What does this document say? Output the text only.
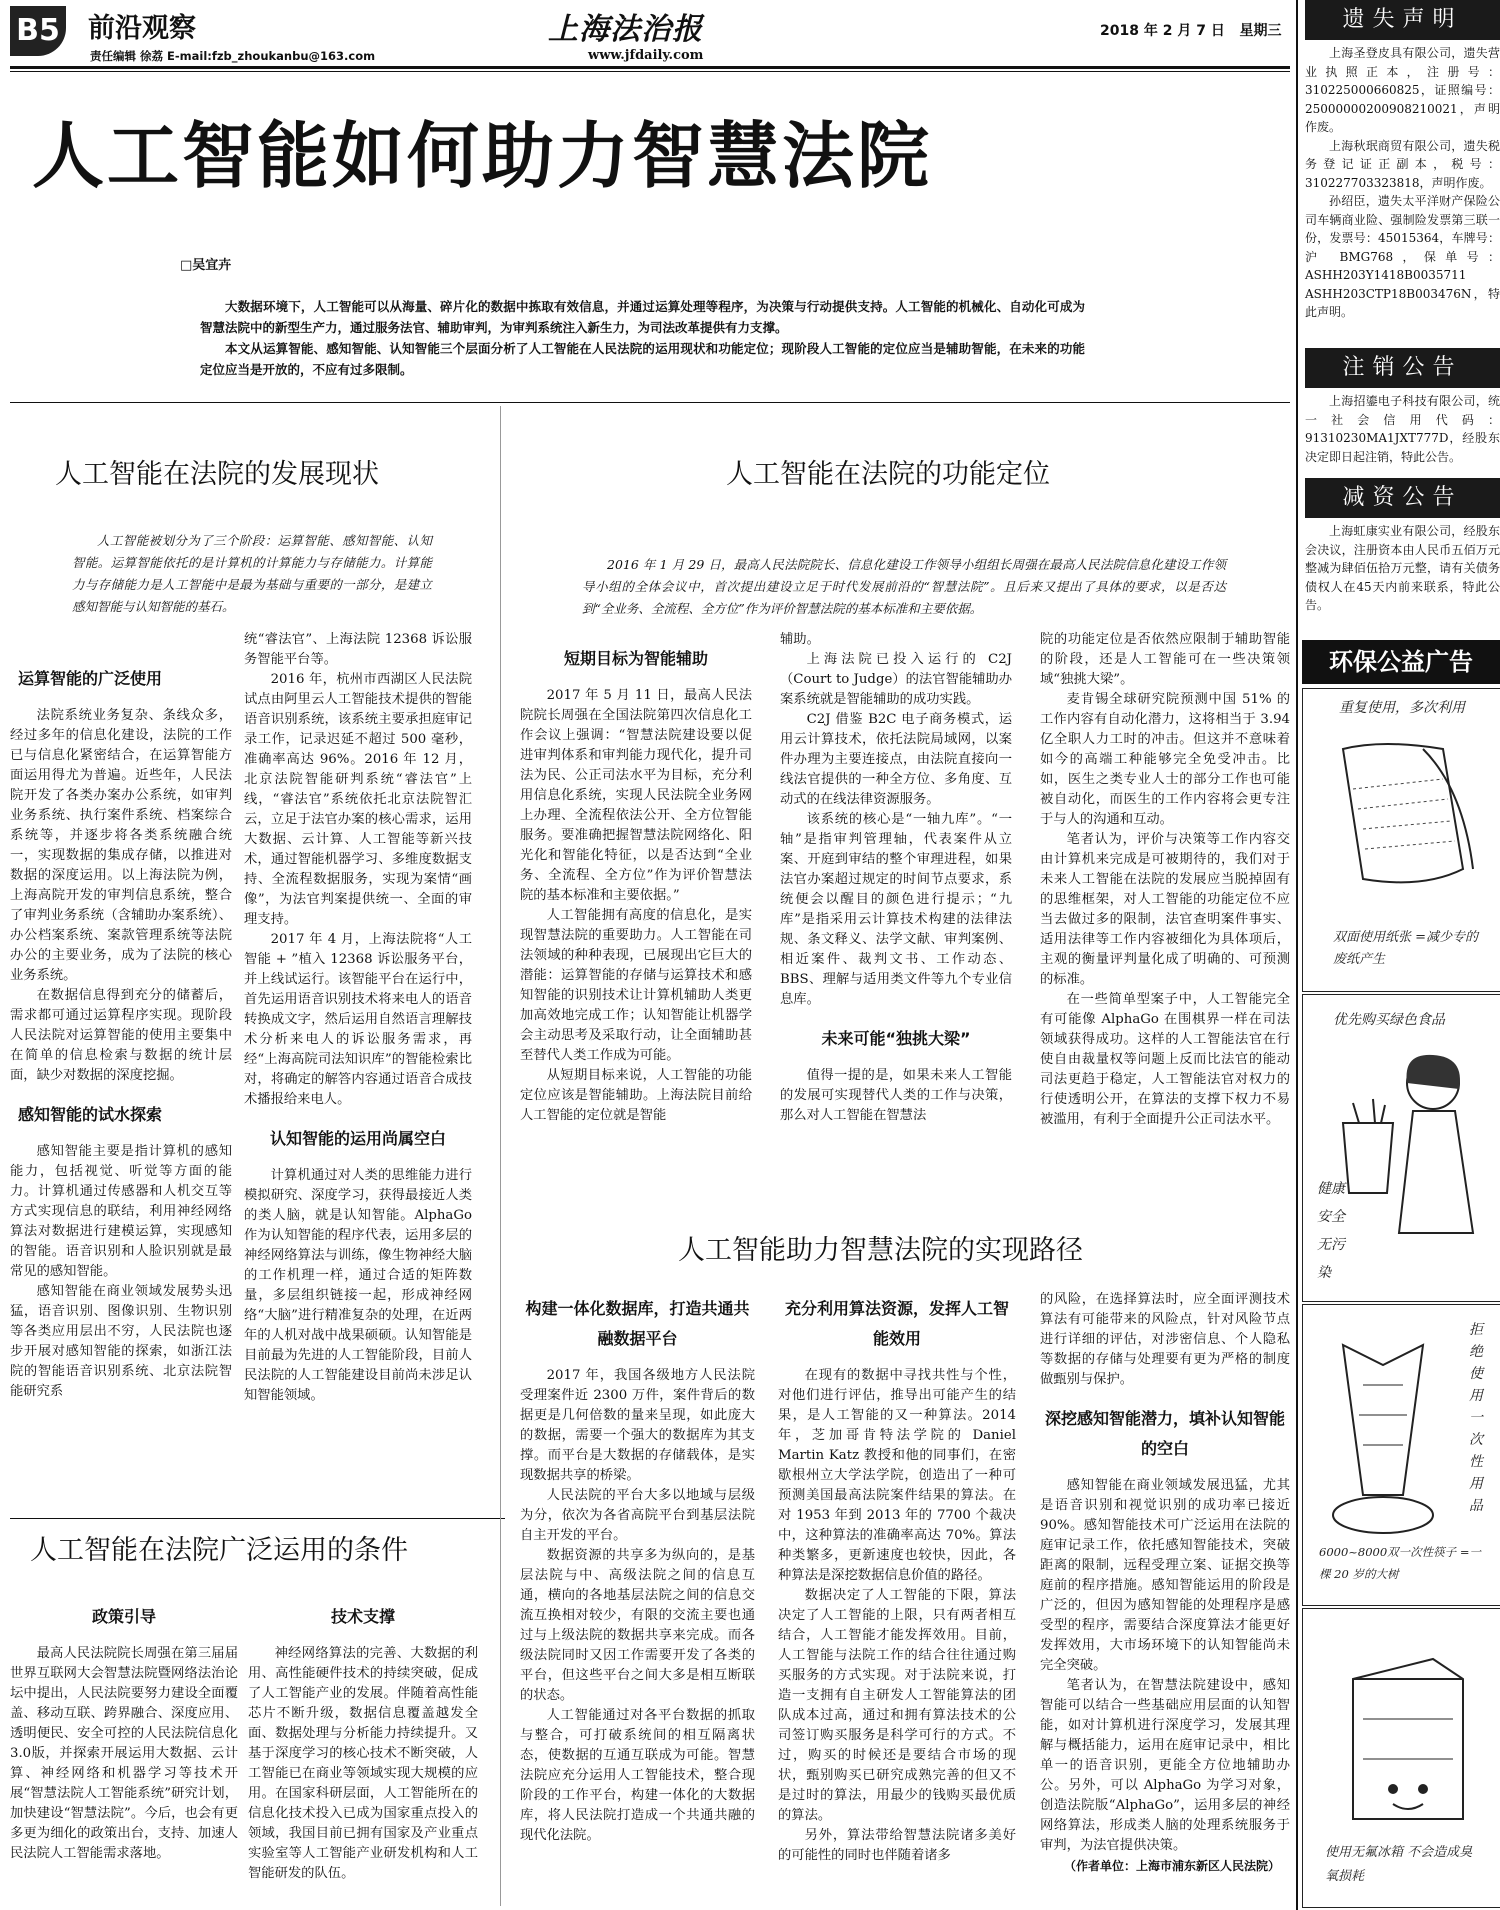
B5 前沿观察
责任编辑 徐荔 E-mail:fzb_zhoukanbu@163.com
上海法治报
www.jfdaily.com
2018 年 2 月 7 日   星期三
人工智能如何助力智慧法院
□吴宜卉
大数据环境下，人工智能可以从海量、碎片化的数据中拣取有效信息，并通过运算处理等程序，为决策与行动提供支持。人工智能的机械化、自动化可成为智慧法院中的新型生产力，通过服务法官、辅助审判，为审判系统注入新生力，为司法改革提供有力支撑。
本文从运算智能、感知智能、认知智能三个层面分析了人工智能在人民法院的运用现状和功能定位；现阶段人工智能的定位应当是辅助智能，在未来的功能定位应当是开放的，不应有过多限制。
人工智能在法院的发展现状

人工智能被划分为了三个阶段：运算智能、感知智能、认知智能。运算智能依托的是计算机的计算能力与存储能力。计算能力与存储能力是人工智能中是最为基础与重要的一部分，是建立感知智能与认知智能的基石。

运算智能的广泛使用

法院系统业务复杂、条线众多，经过多年的信息化建设，法院的工作已与信息化紧密结合，在运算智能方面运用得尤为普遍。近些年，人民法院开发了各类办案办公系统，如审判业务系统、执行案件系统、档案综合系统等，并逐步将各类系统融合统一，实现数据的集成存储，以推进对数据的深度运用。以上海法院为例，上海高院开发的审判信息系统，整合了审判业务系统（含辅助办案系统）、办公档案系统、案款管理系统等法院办公的主要业务，成为了法院的核心业务系统。

在数据信息得到充分的储蓄后，需求都可通过运算程序实现。现阶段人民法院对运算智能的使用主要集中在简单的信息检索与数据的统计层面，缺少对数据的深度挖掘。

感知智能的试水探索

感知智能主要是指计算机的感知能力，包括视觉、听觉等方面的能力。计算机通过传感器和人机交互等方式实现信息的联结，利用神经网络算法对数据进行建模运算，实现感知的智能。语音识别和人脸识别就是最常见的感知智能。

感知智能在商业领域发展势头迅猛，语音识别、图像识别、生物识别等各类应用层出不穷，人民法院也逐步开展对感知智能的探索，如浙江法院的智能语音识别系统、北京法院智能研究系

统“睿法官”、上海法院 12368 诉讼服务智能平台等。

2016 年，杭州市西湖区人民法院试点由阿里云人工智能技术提供的智能语音识别系统，该系统主要承担庭审记录工作，记录迟延不超过 500 毫秒，准确率高达 96%。2016 年 12 月，北京法院智能研判系统“睿法官”上线，“睿法官”系统依托北京法院智汇云，立足于法官办案的核心需求，运用大数据、云计算、人工智能等新兴技术，通过智能机器学习、多维度数据支持、全流程数据服务，实现为案情“画像”，为法官判案提供统一、全面的审理支持。

2017 年 4 月，上海法院将“人工智能 + ”植入 12368 诉讼服务平台，并上线试运行。该智能平台在运行中，首先运用语音识别技术将来电人的语音转换成文字，然后运用自然语言理解技术分析来电人的诉讼服务需求，再经“上海高院司法知识库”的智能检索比对，将确定的解答内容通过语音合成技术播报给来电人。

认知智能的运用尚属空白

计算机通过对人类的思维能力进行模拟研究、深度学习，获得最接近人类的类人脑，就是认知智能。AlphaGo 作为认知智能的程序代表，运用多层的神经网络算法与训练，像生物神经大脑的工作机理一样，通过合适的矩阵数量，多层组织链接一起，形成神经网络“大脑”进行精准复杂的处理，在近两年的人机对战中战果硕硕。认知智能是目前最为先进的人工智能阶段，目前人民法院的人工智能建设目前尚未涉足认知智能领域。

人工智能在法院的功能定位

2016 年 1 月 29 日，最高人民法院院长、信息化建设工作领导小组组长周强在最高人民法院信息化建设工作领导小组的全体会议中，首次提出建设立足于时代发展前沿的“智慧法院”。且后来又提出了具体的要求，以是否达到“全业务、全流程、全方位”作为评价智慧法院的基本标准和主要依据。

短期目标为智能辅助

2017 年 5 月 11 日，最高人民法院院长周强在全国法院第四次信息化工作会议上强调：“智慧法院建设要以促进审判体系和审判能力现代化，提升司法为民、公正司法水平为目标，充分利用信息化系统，实现人民法院全业务网上办理、全流程依法公开、全方位智能服务。要准确把握智慧法院网络化、阳光化和智能化特征，以是否达到“全业务、全流程、全方位”作为评价智慧法院的基本标准和主要依据。”

人工智能拥有高度的信息化，是实现智慧法院的重要助力。人工智能在司法领域的种种表现，已展现出它巨大的潜能：运算智能的存储与运算技术和感知智能的识别技术让计算机辅助人类更加高效地完成工作；认知智能让机器学会主动思考及采取行动，让全面辅助甚至替代人类工作成为可能。

从短期目标来说，人工智能的功能定位应该是智能辅助。上海法院目前给人工智能的定位就是智能

辅助。

上海法院已投入运行的 C2J（Court to Judge）的法官智能辅助办案系统就是智能辅助的成功实践。

C2J 借鉴 B2C 电子商务模式，运用云计算技术，依托法院局域网，以案件办理为主要连接点，由法院直接向一线法官提供的一种全方位、多角度、互动式的在线法律资源服务。

该系统的核心是“一轴九库”。“一轴”是指审判管理轴，代表案件从立案、开庭到审结的整个审理进程，如果法官办案超过规定的时间节点要求，系统便会以醒目的颜色进行提示；“九库”是指采用云计算技术构建的法律法规、条文释义、法学文献、审判案例、相近案件、裁判文书、工作动态、BBS、理解与适用类文件等九个专业信息库。

未来可能“独挑大梁”

值得一提的是，如果未来人工智能的发展可实现替代人类的工作与决策，那么对人工智能在智慧法

院的功能定位是否依然应限制于辅助智能的阶段，还是人工智能可在一些决策领域“独挑大梁”。

麦肯锡全球研究院预测中国 51% 的工作内容有自动化潜力，这将相当于 3.94 亿全职人力工时的冲击。但这并不意味着如今的高端工种能够完全免受冲击。比如，医生之类专业人士的部分工作也可能被自动化，而医生的工作内容将会更专注于与人的沟通和互动。

笔者认为，评价与决策等工作内容交由计算机来完成是可被期待的，我们对于未来人工智能在法院的发展应当脱掉固有的思维框架，对人工智能的功能定位不应当去做过多的限制，法官查明案件事实、适用法律等工作内容被细化为具体项后，主观的衡量评判量化成了明确的、可预测的标准。

在一些简单型案子中，人工智能完全有可能像 AlphaGo 在围棋界一样在司法领域获得成功。这样的人工智能法官在行使自由裁量权等问题上反而比法官的能动司法更趋于稳定，人工智能法官对权力的行使透明公开，在算法的支撑下权力不易被滥用，有利于全面提升公正司法水平。

人工智能助力智慧法院的实现路径
构建一体化数据库，打造共通共融数据平台

2017 年，我国各级地方人民法院受理案件近 2300 万件，案件背后的数据更是几何倍数的量来呈现，如此庞大的数据，需要一个强大的数据库为其支撑。而平台是大数据的存储载体，是实现数据共享的桥梁。

人民法院的平台大多以地域与层级为分，依次为各省高院平台到基层法院自主开发的平台。

数据资源的共享多为纵向的，是基层法院与中、高级法院之间的信息互通，横向的各地基层法院之间的信息交流互换相对较少，有限的交流主要也通过与上级法院的数据共享来完成。而各级法院同时又因工作需要开发了各类的平台，但这些平台之间大多是相互断联的状态。

人工智能通过对各平台数据的抓取与整合，可打破系统间的相互隔离状态，使数据的互通互联成为可能。智慧法院应充分运用人工智能技术，整合现阶段的工作平台，构建一体化的大数据库，将人民法院打造成一个共通共融的现代化法院。

充分利用算法资源，发挥人工智能效用

在现有的数据中寻找共性与个性，对他们进行评估，推导出可能产生的结果，是人工智能的又一种算法。2014 年，芝加哥肯特法学院的 Daniel Martin Katz 教授和他的同事们，在密歇根州立大学法学院，创造出了一种可预测美国最高法院案件结果的算法。在对 1953 年到 2013 年的 7700 个裁决中，这种算法的准确率高达 70%。算法种类繁多，更新速度也较快，因此，各种算法是深挖数据信息价值的路径。

数据决定了人工智能的下限，算法决定了人工智能的上限，只有两者相互结合，人工智能才能发挥效用。目前，人工智能与法院工作的结合往往通过购买服务的方式实现。对于法院来说，打造一支拥有自主研发人工智能算法的团队成本过高，通过和拥有算法技术的公司签订购买服务是科学可行的方式。不过，购买的时候还是要结合市场的现状，甄别购买已研究成熟完善的但又不是过时的算法，用最少的钱购买最优质的算法。

另外，算法带给智慧法院诸多美好的可能性的同时也伴随着诸多

的风险，在选择算法时，应全面评测技术算法有可能带来的风险点，针对风险节点进行详细的评估，对涉密信息、个人隐私等数据的存储与处理要有更为严格的制度做甄别与保护。

深挖感知智能潜力，填补认知智能的空白

感知智能在商业领域发展迅猛，尤其是语音识别和视觉识别的成功率已接近 90%。感知智能技术可广泛运用在法院的庭审记录工作，依托感知智能技术，突破距离的限制，远程受理立案、证据交换等庭前的程序措施。感知智能运用的阶段是广泛的，但因为感知智能的处理程序是感受型的程序，需要结合深度算法才能更好发挥效用，大市场环境下的认知智能尚未完全突破。

笔者认为，在智慧法院建设中，感知智能可以结合一些基础应用层面的认知智能，如对计算机进行深度学习，发展其理解与概括能力，运用在庭审记录中，相比单一的语音识别，更能全方位地辅助办公。另外，可以 AlphaGo 为学习对象，创造法院版“AlphaGo”，运用多层的神经网络算法，形成类人脑的处理系统服务于审判，为法官提供决策。

（作者单位：上海市浦东新区人民法院）

人工智能在法院广泛运用的条件
政策引导

最高人民法院院长周强在第三届届世界互联网大会智慧法院暨网络法治论坛中提出，人民法院要努力建设全面覆盖、移动互联、跨界融合、深度应用、透明便民、安全可控的人民法院信息化3.0版，并探索开展运用大数据、云计算、神经网络和机器学习等技术开展“智慧法院人工智能系统”研究计划，加快建设“智慧法院”。今后，也会有更多更为细化的政策出台，支持、加速人民法院人工智能需求落地。

技术支撑

神经网络算法的完善、大数据的利用、高性能硬件技术的持续突破，促成了人工智能产业的发展。伴随着高性能芯片不断升级，数据信息覆盖越发全面、数据处理与分析能力持续提升。又基于深度学习的核心技术不断突破，人工智能已在商业等领域实现大规模的应用。在国家科研层面，人工智能所在的信息化技术投入已成为国家重点投入的领域，我国目前已拥有国家及产业重点实验室等人工智能产业研发机构和人工智能研发的队伍。

遗失声明

上海圣登皮具有限公司，遗失营业执照正本，注册号：310225000660825，证照编号：25000000200908210021，声明作废。

上海秋珉商贸有限公司，遗失税务登记证正副本，税号：310227703323818，声明作废。

孙绍臣，遗失太平洋财产保险公司车辆商业险、强制险发票第三联一份，发票号：45015364，车牌号：沪 BMG768，保单号：ASHH203Y1418B0035711 ASHH203CTP18B003476N，特此声明。

注销公告

上海招鎏电子科技有限公司，统一社会信用代码：91310230MA1JXT777D，经股东决定即日起注销，特此公告。

减资公告

上海虹康实业有限公司，经股东会决议，注册资本由人民币五佰万元整减为肆佰伍拾万元整，请有关债务债权人在45天内前来联系，特此公告。

环保公益广告
重复使用，多次利用
双面使用纸张 =减少专的废纸产生
优先购买绿色食品
健康 安全 无污染
拒绝使用一次性用品
6000~8000双一次性筷子 =一棵 20 岁的大树
使用无氟冰箱 不会造成臭氧损耗
